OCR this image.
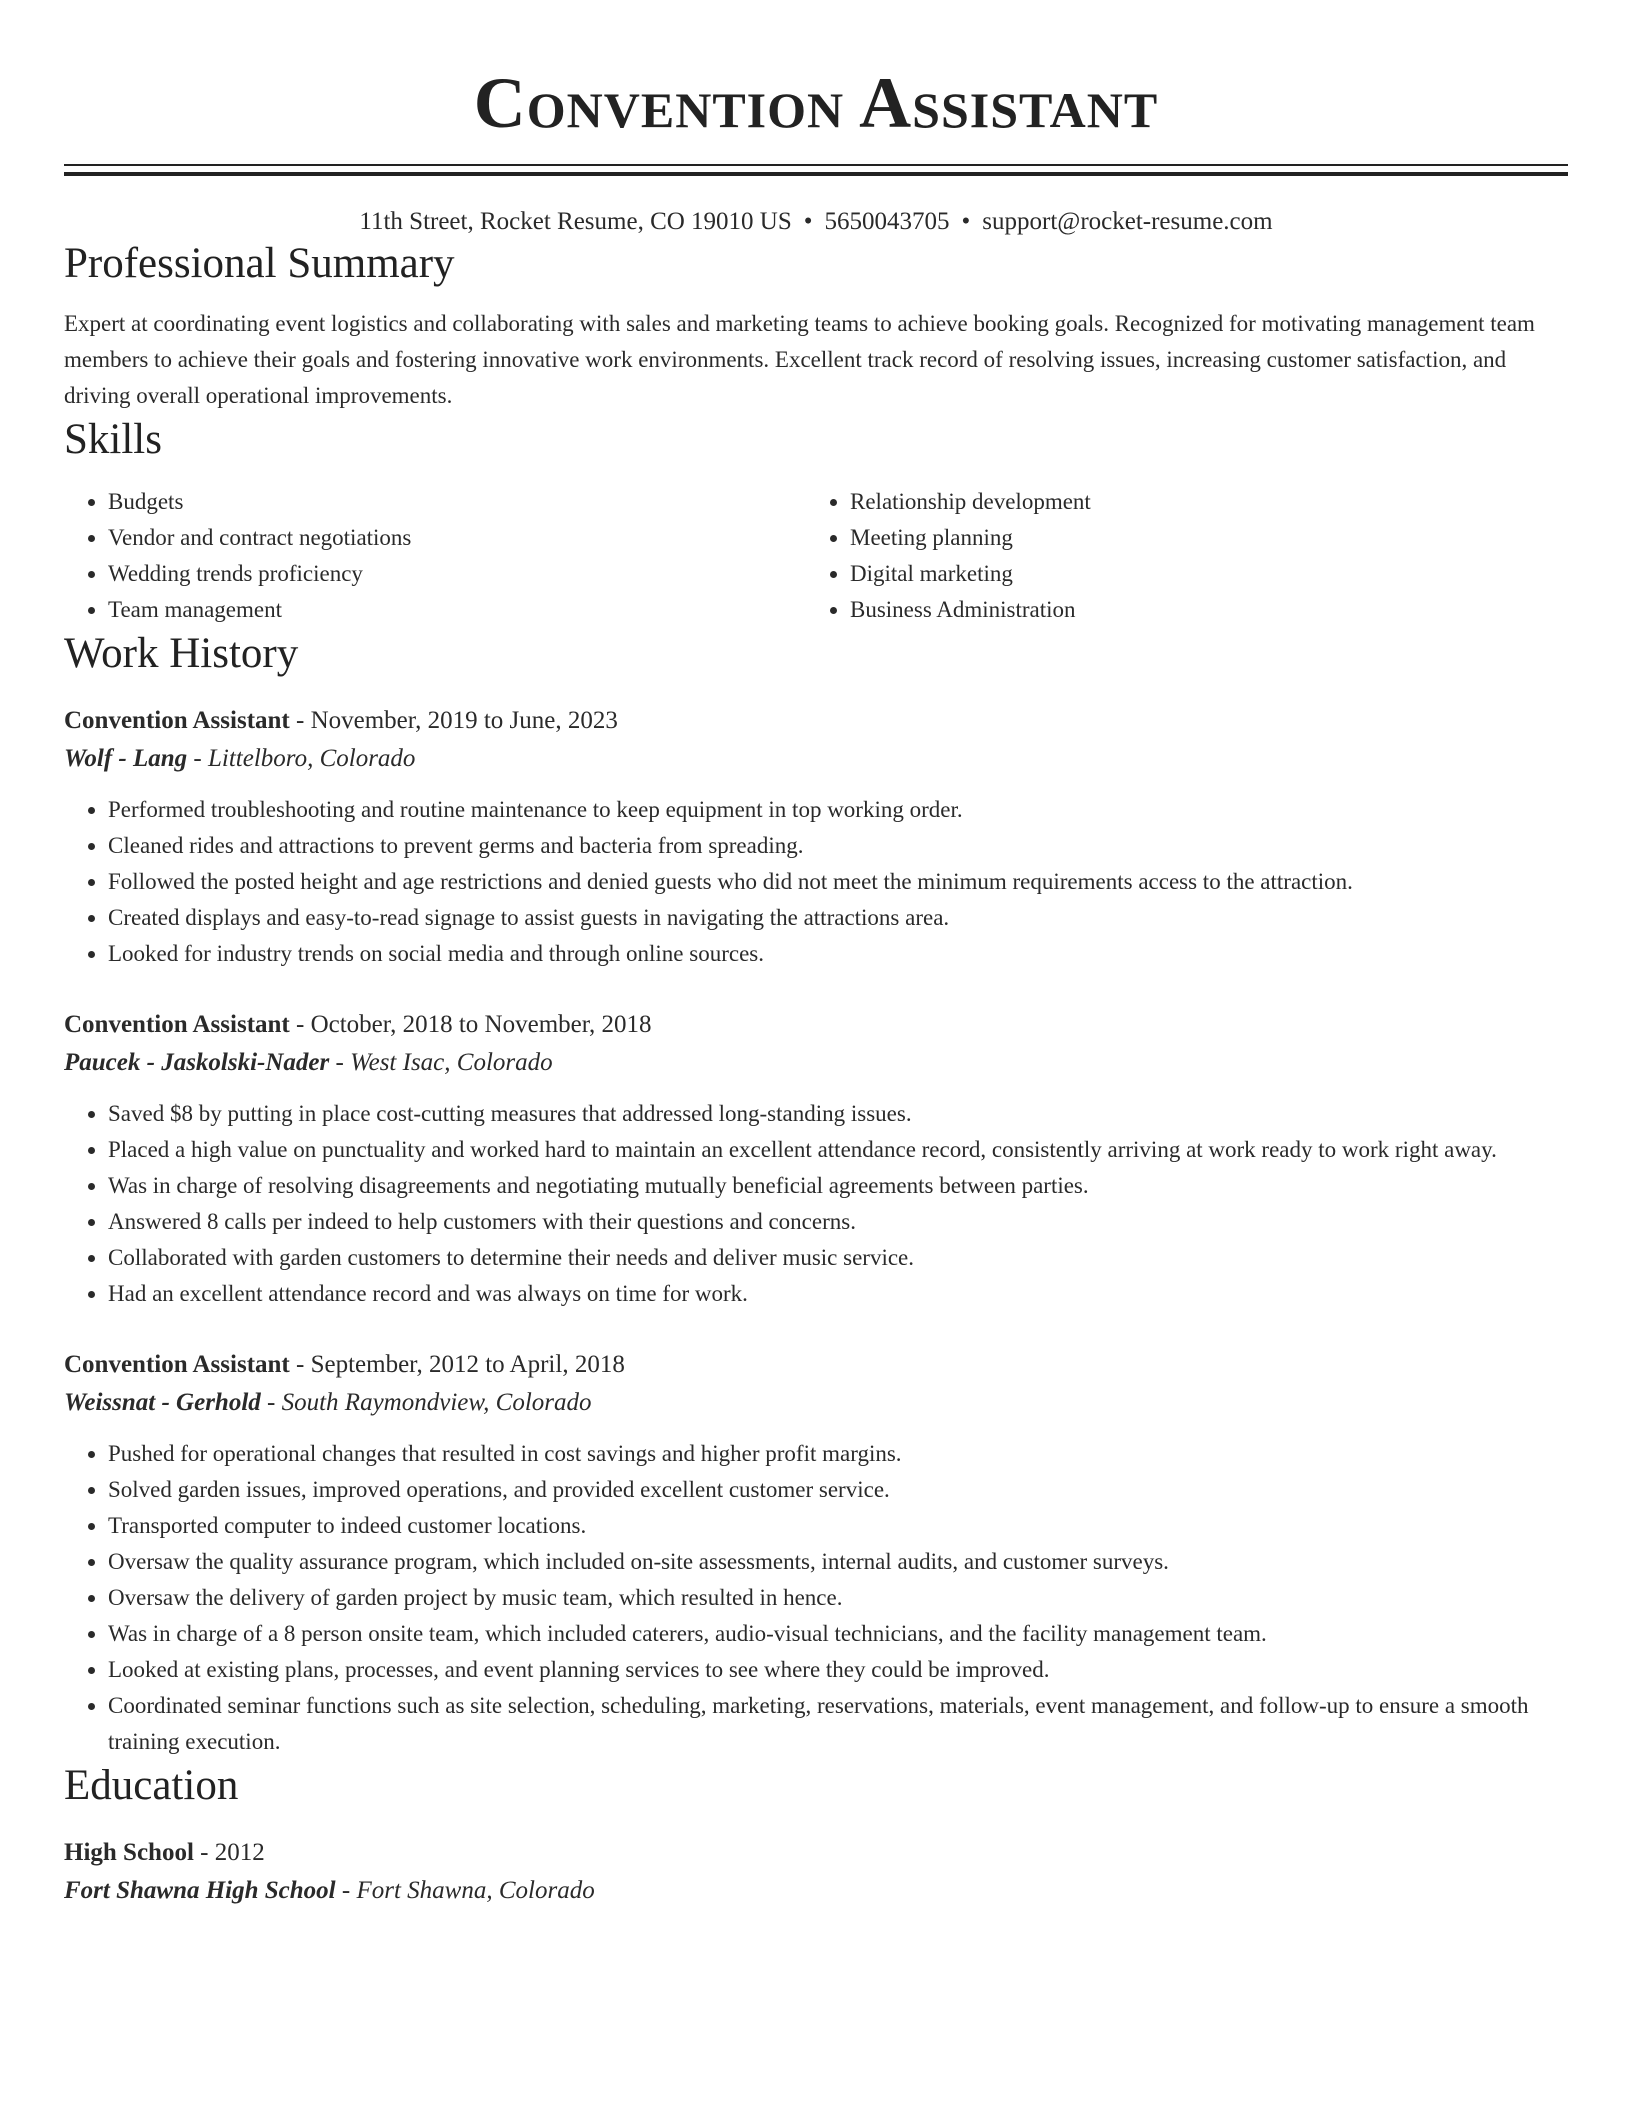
Convention Assistant
11th Street, Rocket Resume, CO 19010 US • 5650043705 • support@rocket-resume.com
Professional Summary

Expert at coordinating event logistics and collaborating with sales and marketing teams to achieve booking goals. Recognized for motivating management team members to achieve their goals and fostering innovative work environments. Excellent track record of resolving issues, increasing customer satisfaction, and driving overall operational improvements.

Skills
• Budgets
• Vendor and contract negotiations
• Wedding trends proficiency
• Team management
• Relationship development
• Meeting planning
• Digital marketing
• Business Administration
Work History
Convention Assistant - November, 2019 to June, 2023
Wolf - Lang - Littelboro, Colorado
• Performed troubleshooting and routine maintenance to keep equipment in top working order.
• Cleaned rides and attractions to prevent germs and bacteria from spreading.
• Followed the posted height and age restrictions and denied guests who did not meet the minimum requirements access to the attraction.
• Created displays and easy-to-read signage to assist guests in navigating the attractions area.
• Looked for industry trends on social media and through online sources.
Convention Assistant - October, 2018 to November, 2018
Paucek - Jaskolski-Nader - West Isac, Colorado
• Saved $8 by putting in place cost-cutting measures that addressed long-standing issues.
• Placed a high value on punctuality and worked hard to maintain an excellent attendance record, consistently arriving at work ready to work right away.
• Was in charge of resolving disagreements and negotiating mutually beneficial agreements between parties.
• Answered 8 calls per indeed to help customers with their questions and concerns.
• Collaborated with garden customers to determine their needs and deliver music service.
• Had an excellent attendance record and was always on time for work.
Convention Assistant - September, 2012 to April, 2018
Weissnat - Gerhold - South Raymondview, Colorado
• Pushed for operational changes that resulted in cost savings and higher profit margins.
• Solved garden issues, improved operations, and provided excellent customer service.
• Transported computer to indeed customer locations.
• Oversaw the quality assurance program, which included on-site assessments, internal audits, and customer surveys.
• Oversaw the delivery of garden project by music team, which resulted in hence.
• Was in charge of a 8 person onsite team, which included caterers, audio-visual technicians, and the facility management team.
• Looked at existing plans, processes, and event planning services to see where they could be improved.
• Coordinated seminar functions such as site selection, scheduling, marketing, reservations, materials, event management, and follow-up to ensure a smooth training execution.
Education
High School - 2012
Fort Shawna High School - Fort Shawna, Colorado
